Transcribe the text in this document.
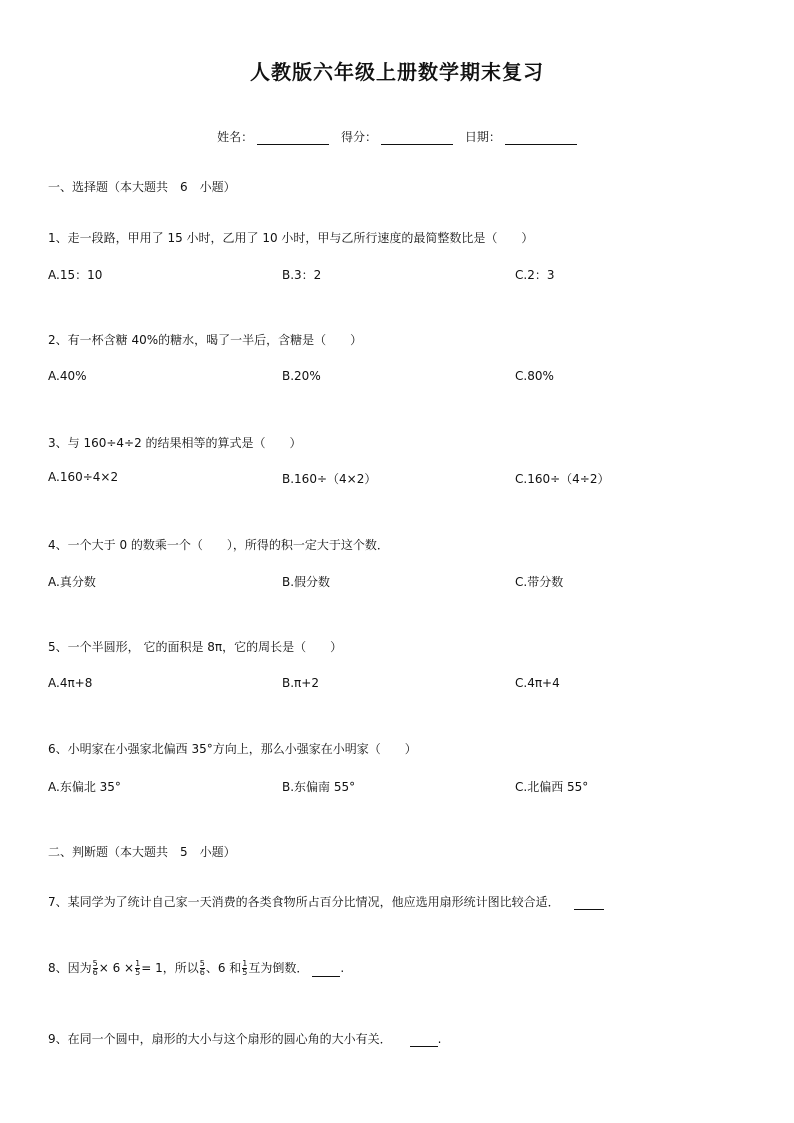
人教版六年级上册数学期末复习
姓名：	得分：	日期：
一、选择题（本大题共　6　小题）
1、走一段路，甲用了 15 小时，乙用了 10 小时，甲与乙所行速度的最简整数比是（　　）
A.15：10	B.3：2	C.2：3
2、有一杯含糖 40%的糖水，喝了一半后，含糖是（　　）
A.40%	B.20%	C.80%
3、与 160÷4÷2 的结果相等的算式是（　　）
A.160÷4×2	B.160÷（4×2）	C.160÷（4÷2）
4、一个大于 0 的数乘一个（　　），所得的积一定大于这个数．
A.真分数	B.假分数	C.带分数
5、一个半圆形， 它的面积是 8π，它的周长是（　　）
A.4π+8	B.π+2	C.4π+4
6、小明家在小强家北偏西 35°方向上，那么小强家在小明家（　　）
A.东偏北 35°	B.东偏南 55°	C.北偏西 55°
二、判断题（本大题共　5　小题）
7、某同学为了统计自己家一天消费的各类食物所占百分比情况，他应选用扇形统计图比较合适．
8、因为 $\frac{5}{6} \times 6 \times \frac{1}{5} = 1$，所以 $\frac{5}{6}$ 、6 和 $\frac{1}{5}$ 互为倒数．	.
9、在同一个圆中，扇形的大小与这个扇形的圆心角的大小有关．	.
